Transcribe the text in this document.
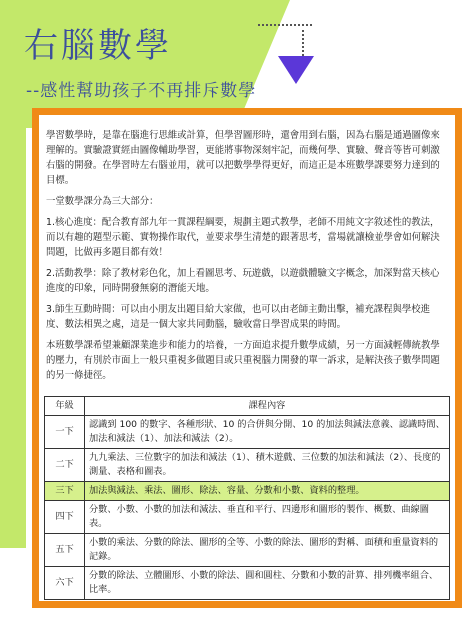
右腦數學
--感性幫助孩子不再排斥數學

學習數學時，是靠在腦進行思維或計算，但學習圖形時，還會用到右腦，因為右腦是通過圖像來理解的。實驗證實經由圖像輔助學習，更能將事物深刻牢記，而幾何學、實驗、聲音等皆可刺激右腦的開發。在學習時左右腦並用，就可以把數學學得更好，而這正是本班數學課要努力達到的目標。

一堂數學課分為三大部分：

1.核心進度：配合教育部九年一貫課程綱要，規劃主題式教學，老師不用純文字敘述性的教法，而以有趣的題型示範、實物操作取代，並要求學生清楚的跟著思考，當場就讓檢並學會如何解決問題，比做再多題目都有效！

2.活動教學：除了教材彩色化，加上看圖思考、玩遊戲，以遊戲體驗文字概念，加深對當天核心進度的印象，同時開發無窮的潛能天地。

3.師生互動時間：可以由小朋友出題目給大家做，也可以由老師主動出擊，補充課程與學校進度、數法相異之處，這是一個大家共同動腦，驗收當日學習成果的時間。

本班數學課希望兼顧課業進步和能力的培養，一方面追求提升數學成績，另一方面減輕傳統教學的壓力，有別於市面上一般只重視多做題目或只重視腦力開發的單一訴求，是解決孩子數學問題的另一條捷徑。

年級	課程內容
一下	認識到 100 的數字、各種形狀、10 的合併與分開、10 的加法與減法意義、認識時間、加法和減法（1）、加法和減法（2）。
二下	九九乘法、三位數字的加法和減法（1）、積木遊戲、三位數的加法和減法（2）、長度的測量、表格和圖表。
三下	加法與減法、乘法、圖形、除法、容量、分數和小數、資料的整理。
四下	分數、小數、小數的加法和減法、垂直和平行、四邊形和圖形的製作、概數、曲線圖表。
五下	小數的乘法、分數的除法、圖形的全等、小數的除法、圖形的對稱、面積和重量資料的記錄。
六下	分數的除法、立體圖形、小數的除法、圓和圓柱、分數和小數的計算、排列機率組合、比率。
